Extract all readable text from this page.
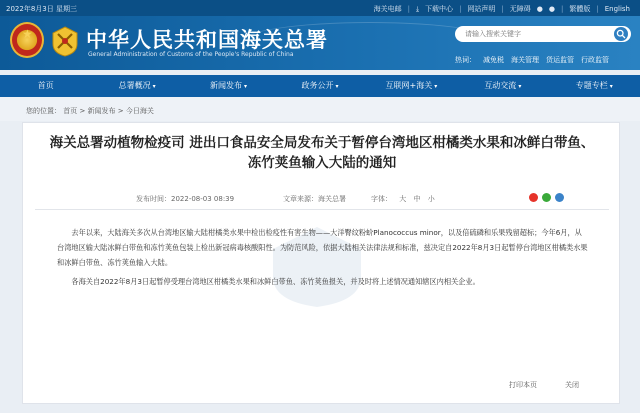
2022年8月3日 星期三	海关电邮 | ⤓ 下载中心 | 网站声明 | 无障碍 ● ● | 繁體版 | English
★	中华人民共和国海关总署
General Administration of Customs of the People's Republic of China
请输入搜索关键字
热词： 减免税 海关管理 货运监管 行政监管
首页	总署概况 ▾	新闻发布 ▾	政务公开 ▾	互联网+海关 ▾	互动交流 ▾	专题专栏 ▾
您的位置： 首页 > 新闻发布 > 今日海关
海关总署动植物检疫司 进出口食品安全局发布关于暂停台湾地区柑橘类水果和冰鲜白带鱼、冻竹荚鱼输入大陆的通知
发布时间：2022-08-03 08:39	文章来源：海关总署	字体： 大 中 小

去年以来，大陆海关多次从台湾地区输大陆柑橘类水果中检出检疫性有害生物——大洋臀纹粉蚧Planococcus minor，以及倍硫磷和乐果残留超标；今年6月，从台湾地区输大陆冰鲜白带鱼和冻竹荚鱼包装上检出新冠病毒核酸阳性。为防范风险，依据大陆相关法律法规和标准，兹决定自2022年8月3日起暂停台湾地区柑橘类水果和冰鲜白带鱼、冻竹荚鱼输入大陆。

各海关自2022年8月3日起暂停受理台湾地区柑橘类水果和冰鲜白带鱼、冻竹荚鱼报关，并及时将上述情况通知辖区内相关企业。

打印本页	关闭
